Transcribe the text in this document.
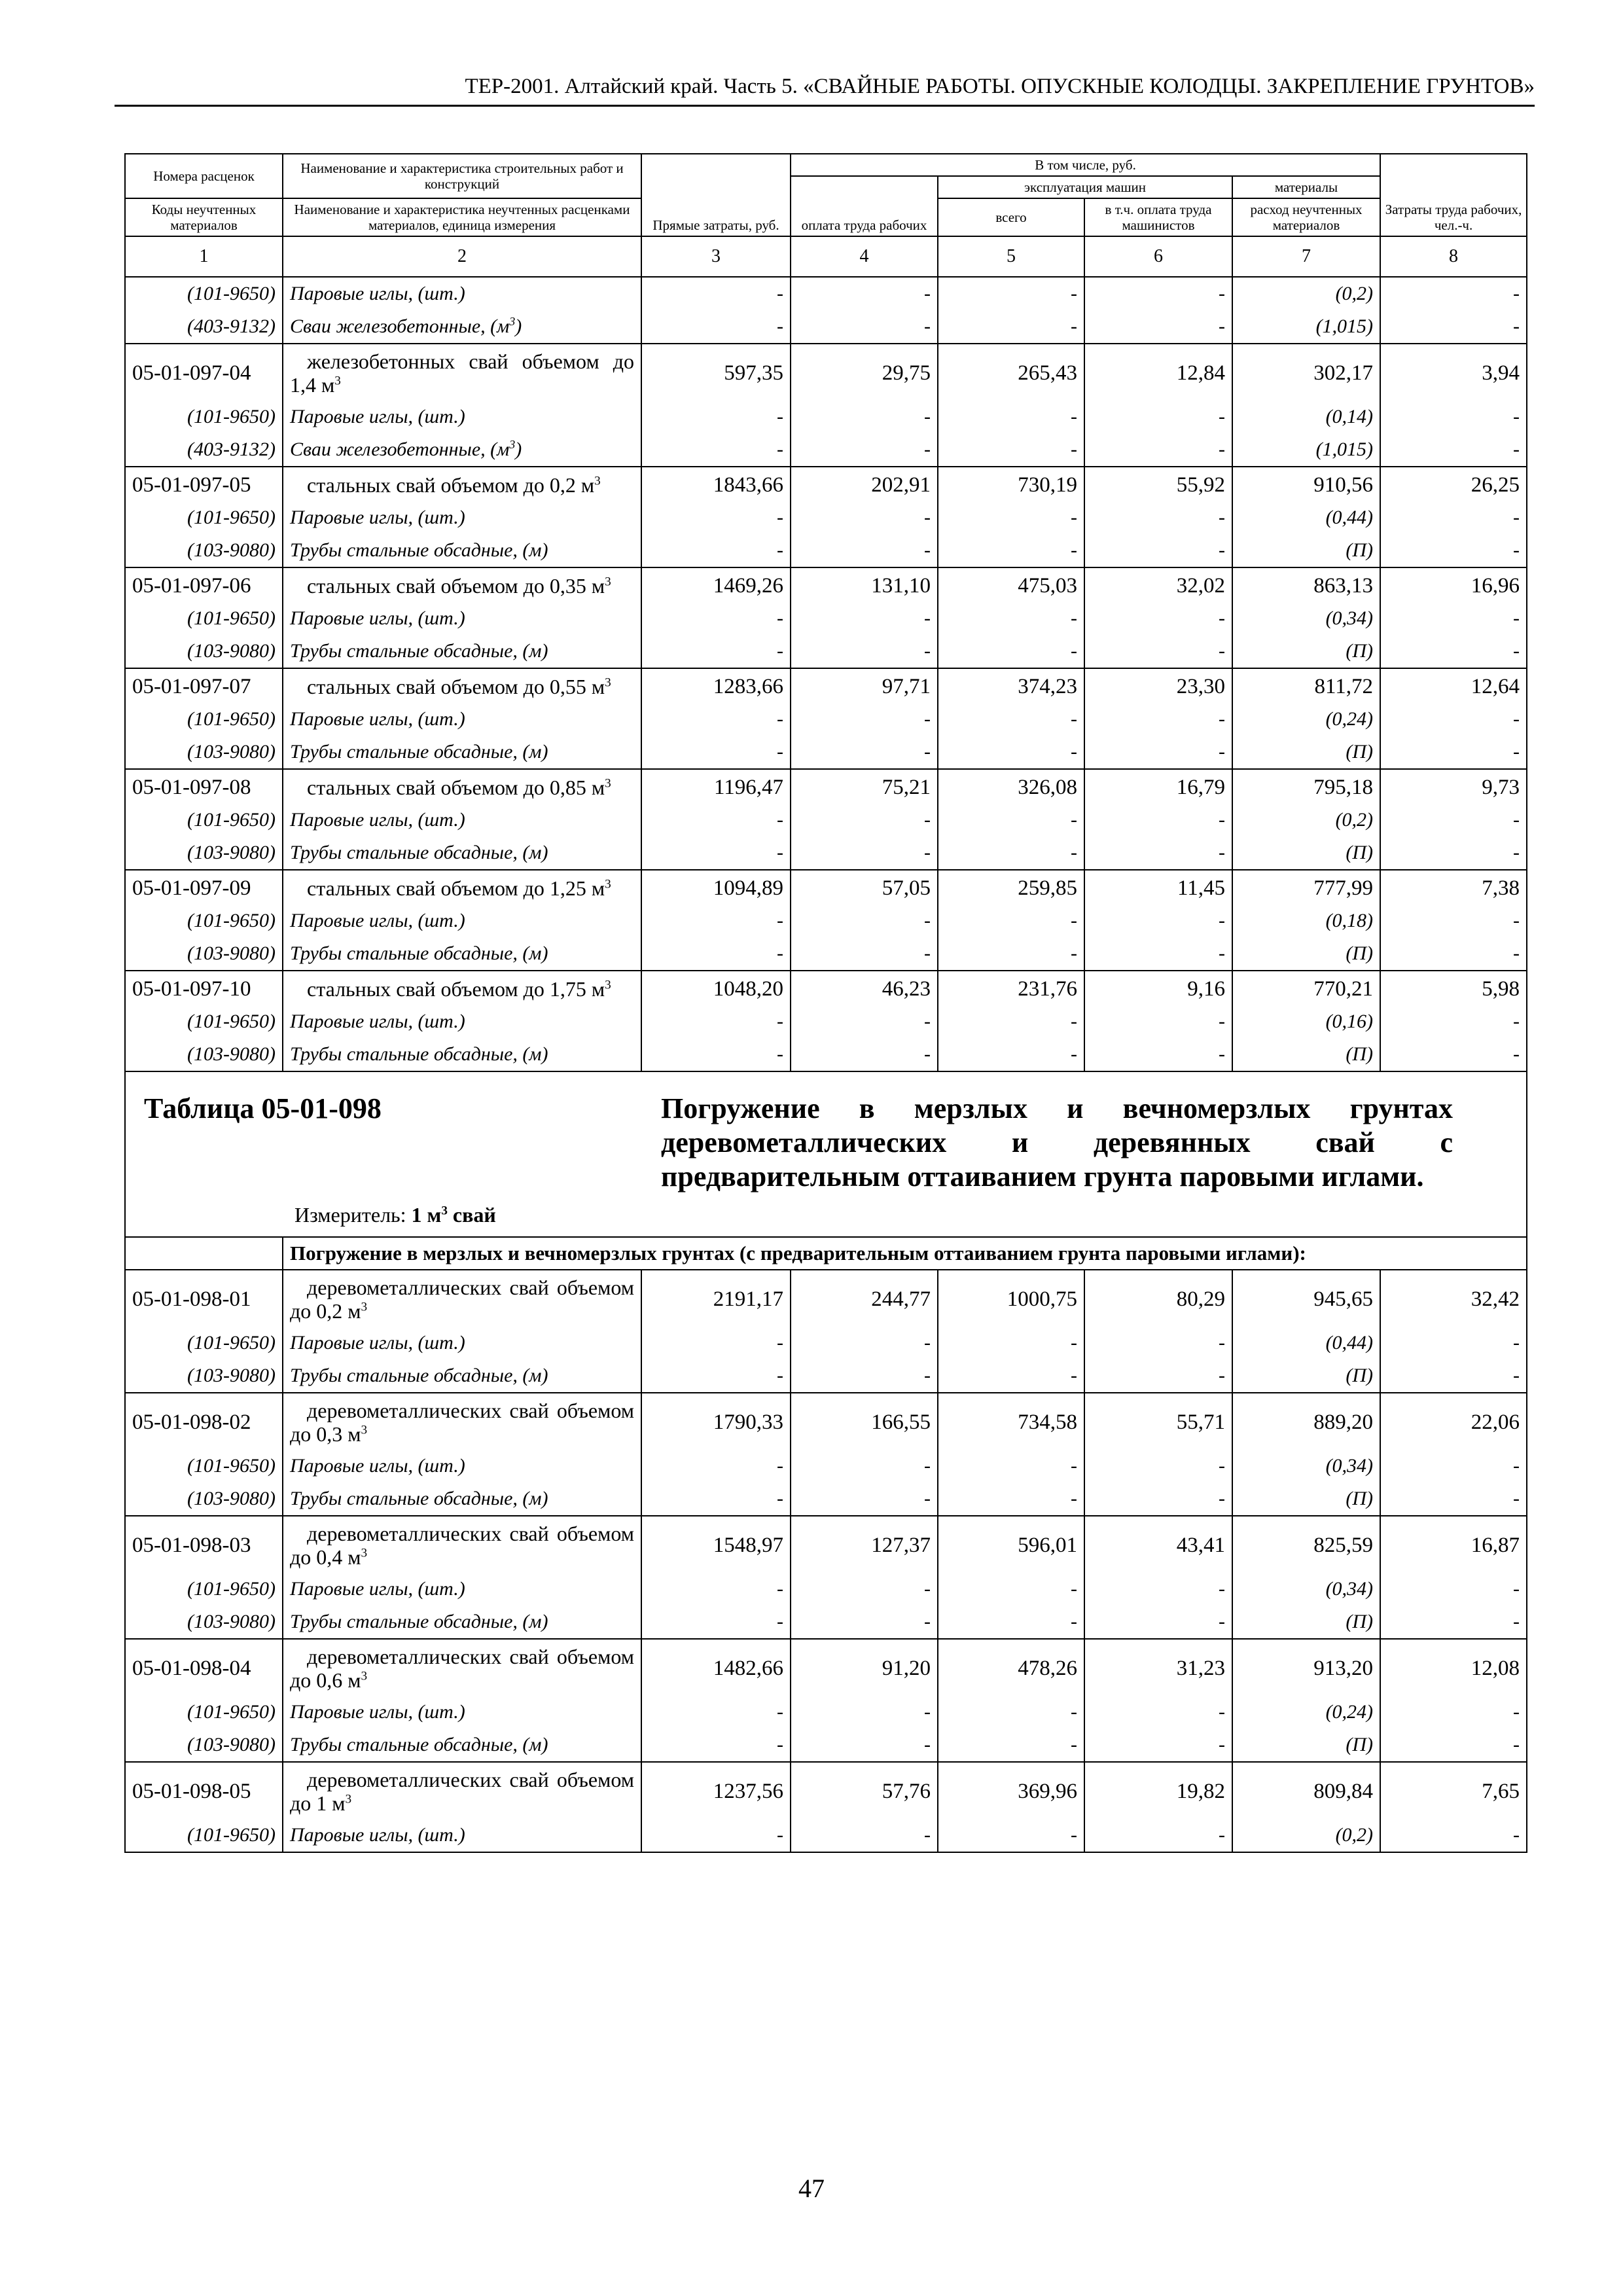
ТЕР-2001. Алтайский край. Часть 5. «СВАЙНЫЕ РАБОТЫ. ОПУСКНЫЕ КОЛОДЦЫ. ЗАКРЕПЛЕНИЕ ГРУНТОВ»
Номера расценок	Наименование и характеристика строительных работ и конструкций	Прямые затраты, руб.	В том числе, руб.				Затраты труда рабочих, чел.-ч.
			оплата труда рабочих	эксплуатация машин		материалы	
Коды неучтенных материалов	Наименование и характеристика неучтенных расценками материалов, единица измерения			всего	в т.ч. оплата труда машинистов	расход неучтенных материалов	
1	2	3	4	5	6	7	8
(101-9650)	Паровые иглы, (шт.)	-	-	-	-	(0,2)	-
(403-9132)	Сваи железобетонные, $(м^3)$	-	-	-	-	(1,015)	-
05-01-097-04	железобетонных свай объемом до 1,4 $м^3$	597,35	29,75	265,43	12,84	302,17	3,94
(101-9650)	Паровые иглы, (шт.)	-	-	-	-	(0,14)	-
(403-9132)	Сваи железобетонные, $(м^3)$	-	-	-	-	(1,015)	-
05-01-097-05	стальных свай объемом до 0,2 $м^3$	1843,66	202,91	730,19	55,92	910,56	26,25
(101-9650)	Паровые иглы, (шт.)	-	-	-	-	(0,44)	-
(103-9080)	Трубы стальные обсадные, (м)	-	-	-	-	(П)	-
05-01-097-06	стальных свай объемом до 0,35 $м^3$	1469,26	131,10	475,03	32,02	863,13	16,96
(101-9650)	Паровые иглы, (шт.)	-	-	-	-	(0,34)	-
(103-9080)	Трубы стальные обсадные, (м)	-	-	-	-	(П)	-
05-01-097-07	стальных свай объемом до 0,55 $м^3$	1283,66	97,71	374,23	23,30	811,72	12,64
(101-9650)	Паровые иглы, (шт.)	-	-	-	-	(0,24)	-
(103-9080)	Трубы стальные обсадные, (м)	-	-	-	-	(П)	-
05-01-097-08	стальных свай объемом до 0,85 $м^3$	1196,47	75,21	326,08	16,79	795,18	9,73
(101-9650)	Паровые иглы, (шт.)	-	-	-	-	(0,2)	-
(103-9080)	Трубы стальные обсадные, (м)	-	-	-	-	(П)	-
05-01-097-09	стальных свай объемом до 1,25 $м^3$	1094,89	57,05	259,85	11,45	777,99	7,38
(101-9650)	Паровые иглы, (шт.)	-	-	-	-	(0,18)	-
(103-9080)	Трубы стальные обсадные, (м)	-	-	-	-	(П)	-
05-01-097-10	стальных свай объемом до 1,75 $м^3$	1048,20	46,23	231,76	9,16	770,21	5,98
(101-9650)	Паровые иглы, (шт.)	-	-	-	-	(0,16)	-
(103-9080)	Трубы стальные обсадные, (м)	-	-	-	-	(П)	-

Таблица 05-01-098 Погружение в мерзлых и вечномерзлых грунтах деревометаллических и деревянных свай с предварительным оттаиванием грунта паровыми иглами.
Измеритель: 1 $м^3$ свай							

	Погружение в мерзлых и вечномерзлых грунтах (с предварительным оттаиванием грунта паровыми иглами):						
05-01-098-01	деревометаллических свай объемом до 0,2 $м^3$	2191,17	244,77	1000,75	80,29	945,65	32,42
(101-9650)	Паровые иглы, (шт.)	-	-	-	-	(0,44)	-
(103-9080)	Трубы стальные обсадные, (м)	-	-	-	-	(П)	-
05-01-098-02	деревометаллических свай объемом до 0,3 $м^3$	1790,33	166,55	734,58	55,71	889,20	22,06
(101-9650)	Паровые иглы, (шт.)	-	-	-	-	(0,34)	-
(103-9080)	Трубы стальные обсадные, (м)	-	-	-	-	(П)	-
05-01-098-03	деревометаллических свай объемом до 0,4 $м^3$	1548,97	127,37	596,01	43,41	825,59	16,87
(101-9650)	Паровые иглы, (шт.)	-	-	-	-	(0,34)	-
(103-9080)	Трубы стальные обсадные, (м)	-	-	-	-	(П)	-
05-01-098-04	деревометаллических свай объемом до 0,6 $м^3$	1482,66	91,20	478,26	31,23	913,20	12,08
(101-9650)	Паровые иглы, (шт.)	-	-	-	-	(0,24)	-
(103-9080)	Трубы стальные обсадные, (м)	-	-	-	-	(П)	-
05-01-098-05	деревометаллических свай объемом до 1 $м^3$	1237,56	57,76	369,96	19,82	809,84	7,65
(101-9650)	Паровые иглы, (шт.)	-	-	-	-	(0,2)	-
47
